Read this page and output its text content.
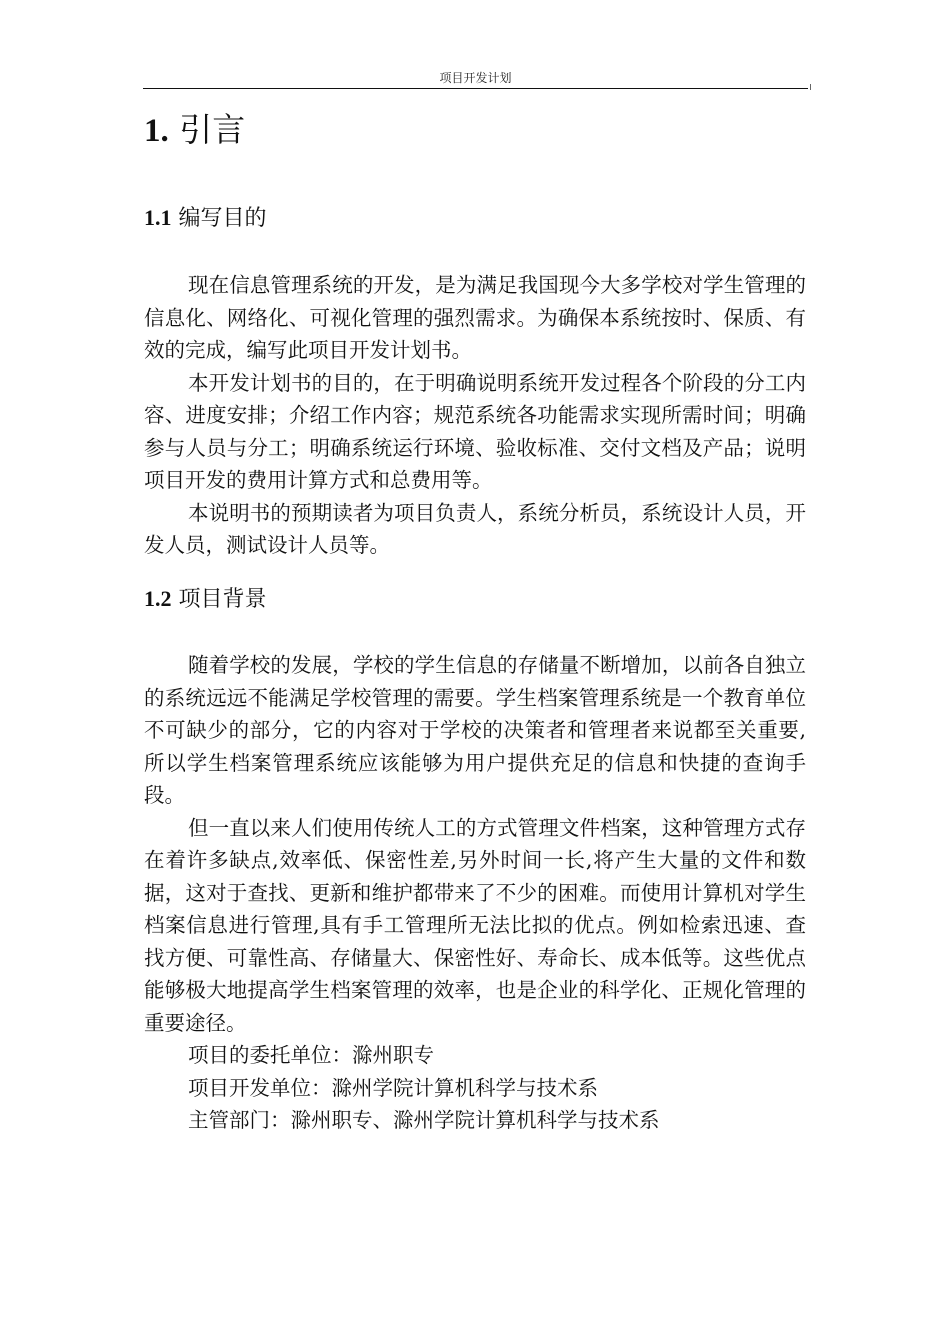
项目开发计划
1. 引言
1.1 编写目的

现在信息管理系统的开发，是为满足我国现今大多学校对学生管理的信息化、网络化、可视化管理的强烈需求。为确保本系统按时、保质、有效的完成，编写此项目开发计划书。

本开发计划书的目的，在于明确说明系统开发过程各个阶段的分工内容、进度安排；介绍工作内容；规范系统各功能需求实现所需时间；明确参与人员与分工；明确系统运行环境、验收标准、交付文档及产品；说明项目开发的费用计算方式和总费用等。

本说明书的预期读者为项目负责人，系统分析员，系统设计人员，开发人员，测试设计人员等。

1.2 项目背景

随着学校的发展，学校的学生信息的存储量不断增加，以前各自独立的系统远远不能满足学校管理的需要。学生档案管理系统是一个教育单位不可缺少的部分，它的内容对于学校的决策者和管理者来说都至关重要,所以学生档案管理系统应该能够为用户提供充足的信息和快捷的查询手段。

但一直以来人们使用传统人工的方式管理文件档案，这种管理方式存在着许多缺点,效率低、保密性差,另外时间一长,将产生大量的文件和数据，这对于查找、更新和维护都带来了不少的困难。而使用计算机对学生档案信息进行管理,具有手工管理所无法比拟的优点。例如检索迅速、查找方便、可靠性高、存储量大、保密性好、寿命长、成本低等。这些优点能够极大地提高学生档案管理的效率，也是企业的科学化、正规化管理的重要途径。

项目的委托单位：滁州职专

项目开发单位：滁州学院计算机科学与技术系

主管部门：滁州职专、滁州学院计算机科学与技术系
